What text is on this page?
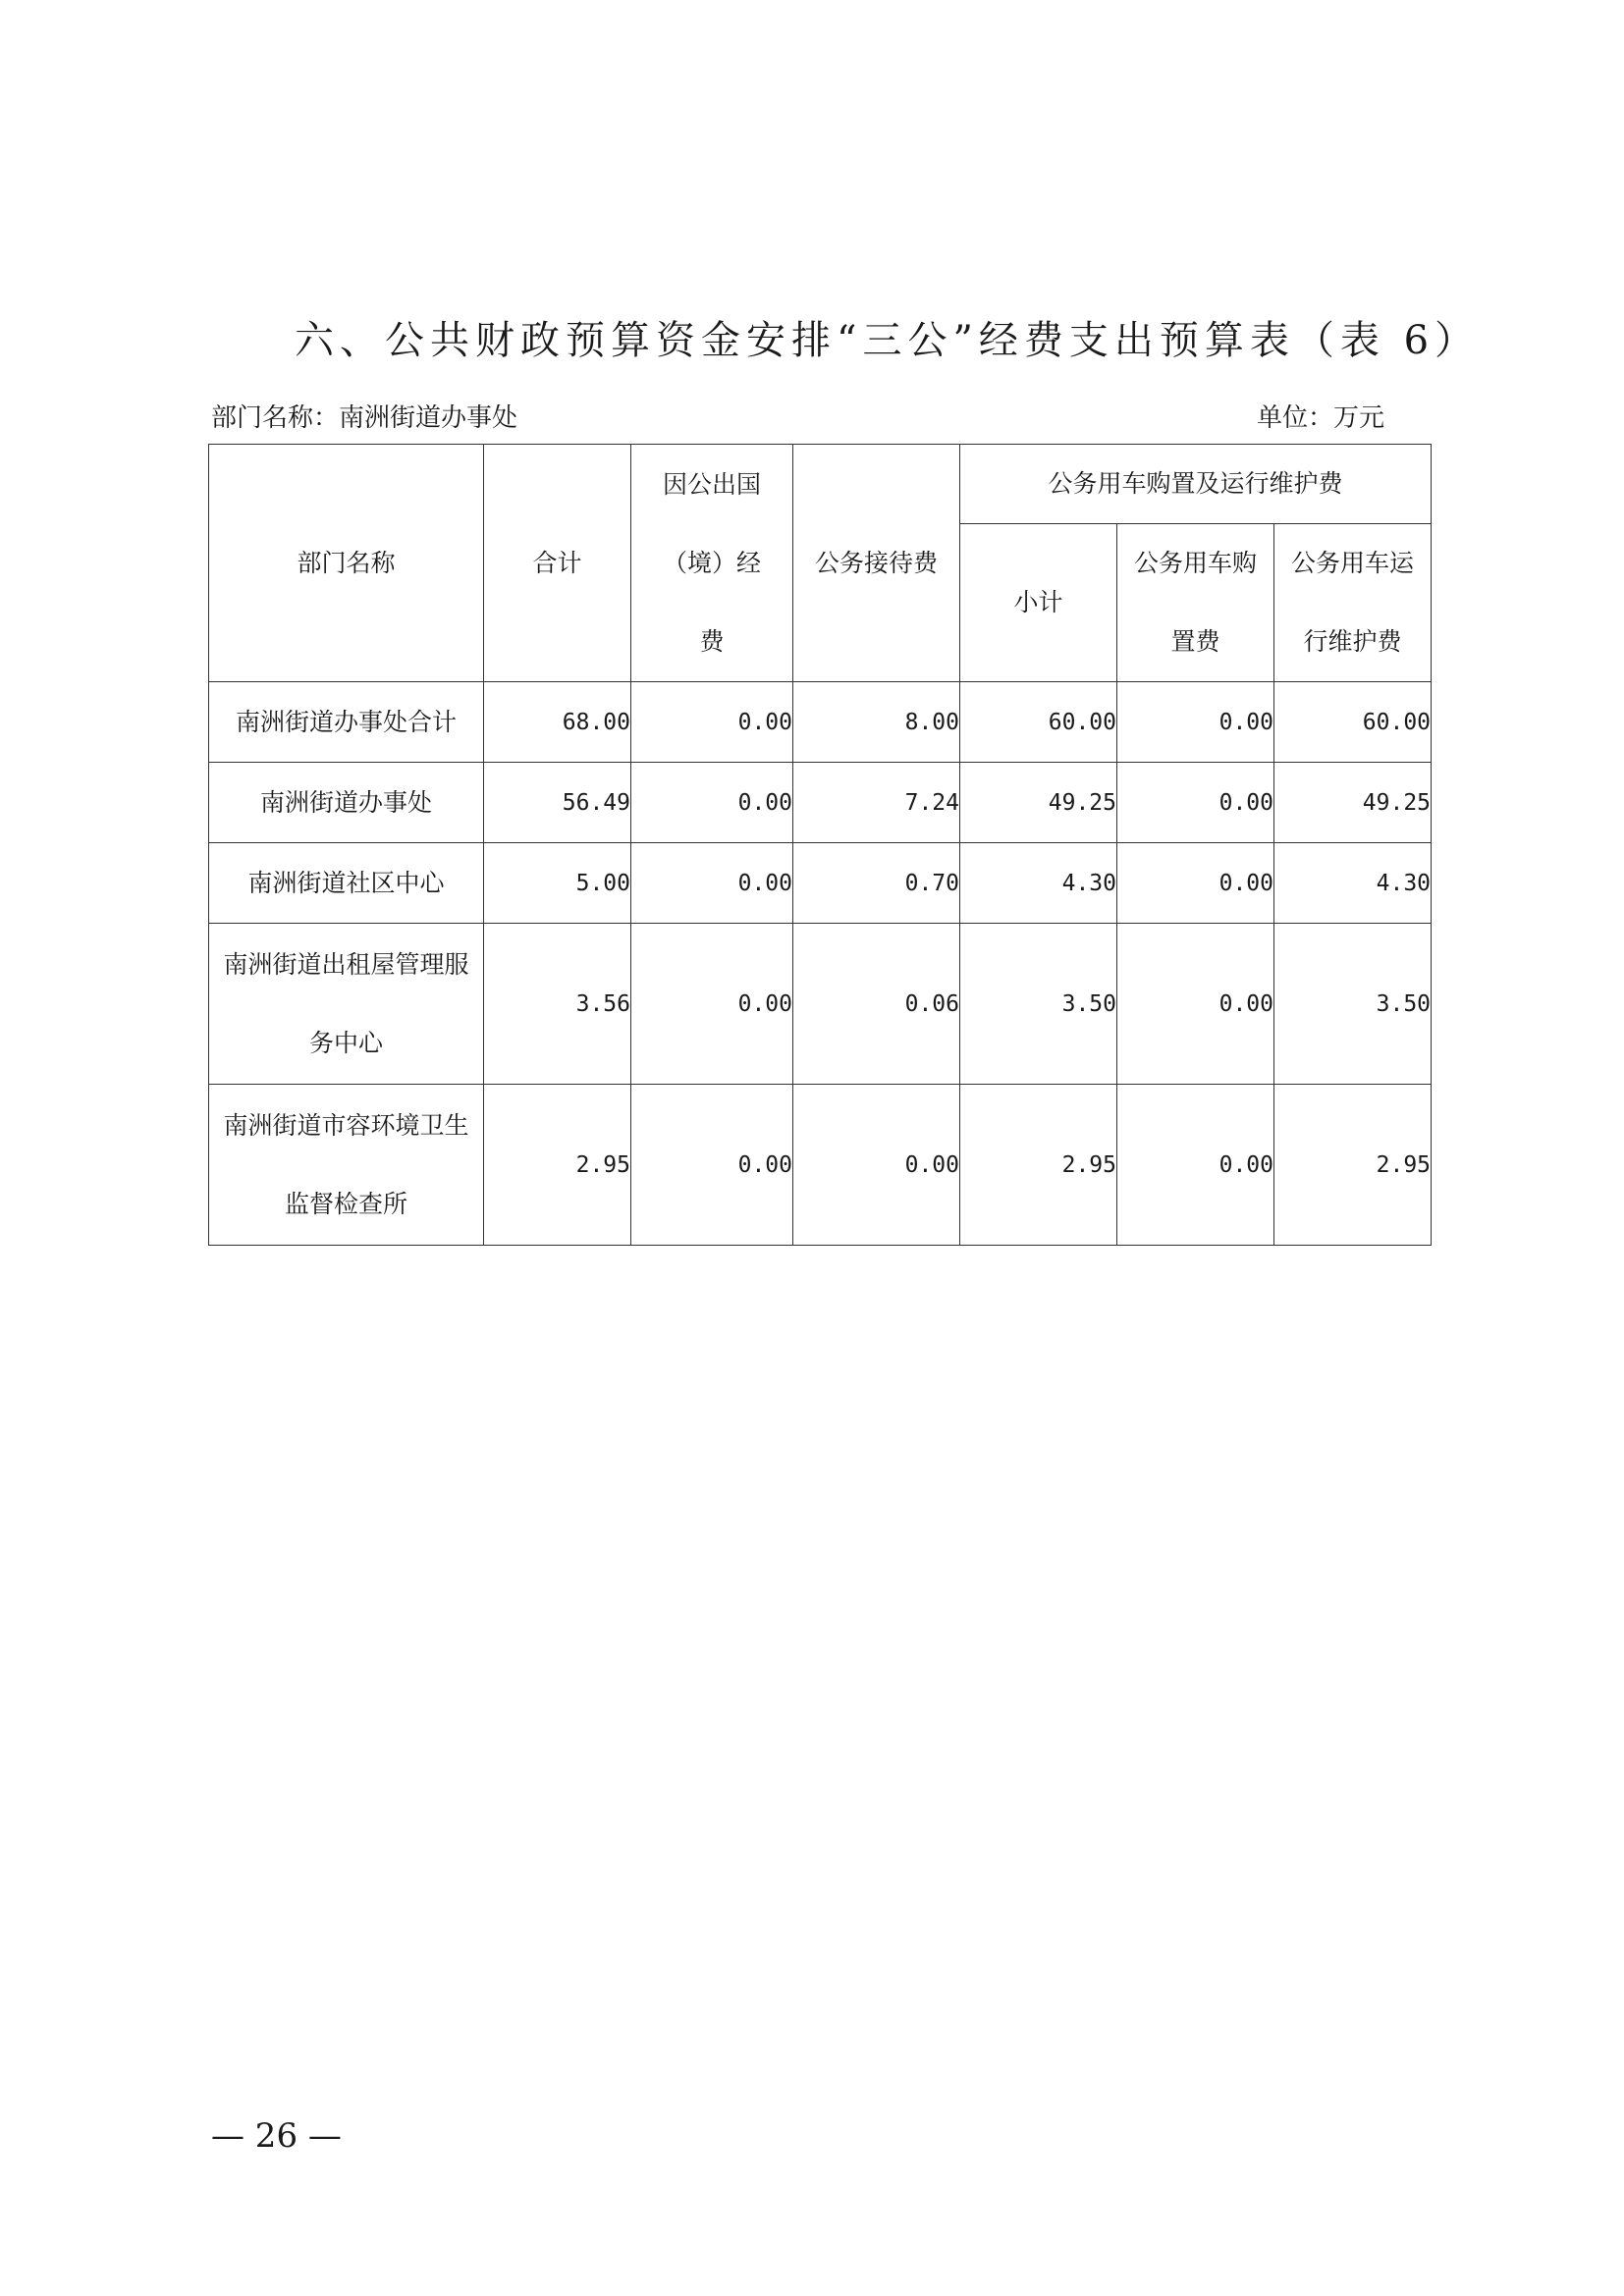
六、公共财政预算资金安排“三公”经费支出预算表（表 6）
部门名称：南洲街道办事处	单位：万元
部门名称	合计	因公出国（境）经费	公务接待费	公务用车购置及运行维护费		
				小计	公务用车购置费	公务用车运行维护费

南洲街道办事处合计	68.00	0.00	8.00	60.00	0.00	60.00
南洲街道办事处	56.49	0.00	7.24	49.25	0.00	49.25
南洲街道社区中心	5.00	0.00	0.70	4.30	0.00	4.30
南洲街道出租屋管理服务中心	3.56	0.00	0.06	3.50	0.00	3.50
南洲街道市容环境卫生监督检查所	2.95	0.00	0.00	2.95	0.00	2.95
— 26 —
